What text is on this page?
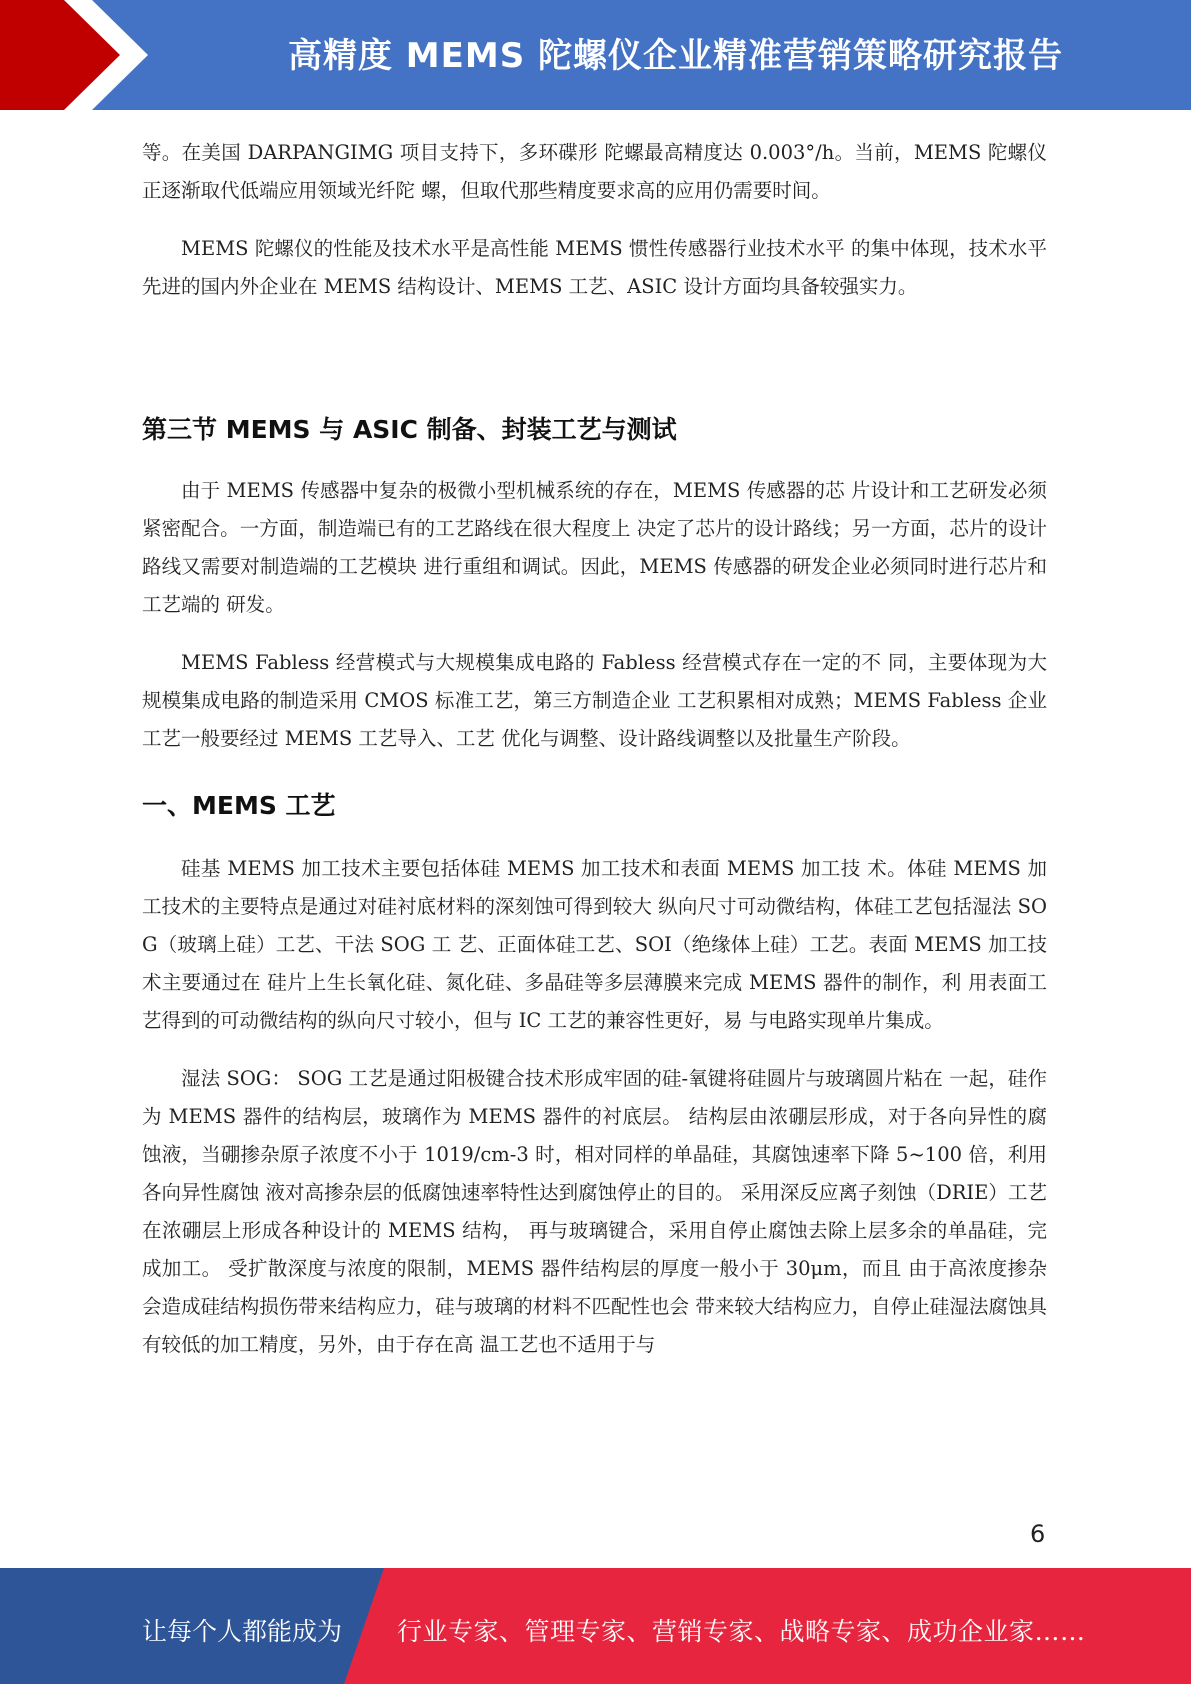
高精度 MEMS 陀螺仪企业精准营销策略研究报告

等。在美国 DARPANGIMG 项目支持下，多环碟形 陀螺最高精度达 0.003°/h。当前，MEMS 陀螺仪正逐渐取代低端应用领域光纤陀 螺，但取代那些精度要求高的应用仍需要时间。

MEMS 陀螺仪的性能及技术水平是高性能 MEMS 惯性传感器行业技术水平 的集中体现，技术水平先进的国内外企业在 MEMS 结构设计、MEMS 工艺、ASIC 设计方面均具备较强实力。

第三节 MEMS 与 ASIC 制备、封装工艺与测试

由于 MEMS 传感器中复杂的极微小型机械系统的存在，MEMS 传感器的芯 片设计和工艺研发必须紧密配合。一方面，制造端已有的工艺路线在很大程度上 决定了芯片的设计路线；另一方面，芯片的设计路线又需要对制造端的工艺模块 进行重组和调试。因此，MEMS 传感器的研发企业必须同时进行芯片和工艺端的 研发。

MEMS Fabless 经营模式与大规模集成电路的 Fabless 经营模式存在一定的不 同，主要体现为大规模集成电路的制造采用 CMOS 标准工艺，第三方制造企业 工艺积累相对成熟；MEMS Fabless 企业工艺一般要经过 MEMS 工艺导入、工艺 优化与调整、设计路线调整以及批量生产阶段。

一、MEMS 工艺

硅基 MEMS 加工技术主要包括体硅 MEMS 加工技术和表面 MEMS 加工技 术。体硅 MEMS 加工技术的主要特点是通过对硅衬底材料的深刻蚀可得到较大 纵向尺寸可动微结构，体硅工艺包括湿法 SOG（玻璃上硅）工艺、干法 SOG 工 艺、正面体硅工艺、SOI（绝缘体上硅）工艺。表面 MEMS 加工技术主要通过在 硅片上生长氧化硅、氮化硅、多晶硅等多层薄膜来完成 MEMS 器件的制作，利 用表面工艺得到的可动微结构的纵向尺寸较小，但与 IC 工艺的兼容性更好，易 与电路实现单片集成。

湿法 SOG： SOG 工艺是通过阳极键合技术形成牢固的硅-氧键将硅圆片与玻璃圆片粘在 一起，硅作为 MEMS 器件的结构层，玻璃作为 MEMS 器件的衬底层。 结构层由浓硼层形成，对于各向异性的腐蚀液，当硼掺杂原子浓度不小于 1019/cm-3 时，相对同样的单晶硅，其腐蚀速率下降 5~100 倍，利用各向异性腐蚀 液对高掺杂层的低腐蚀速率特性达到腐蚀停止的目的。 采用深反应离子刻蚀（DRIE）工艺在浓硼层上形成各种设计的 MEMS 结构， 再与玻璃键合，采用自停止腐蚀去除上层多余的单晶硅，完成加工。 受扩散深度与浓度的限制，MEMS 器件结构层的厚度一般小于 30μm，而且 由于高浓度掺杂会造成硅结构损伤带来结构应力，硅与玻璃的材料不匹配性也会 带来较大结构应力，自停止硅湿法腐蚀具有较低的加工精度，另外，由于存在高 温工艺也不适用于与

6
让每个人都能成为 行业专家、管理专家、营销专家、战略专家、成功企业家……
